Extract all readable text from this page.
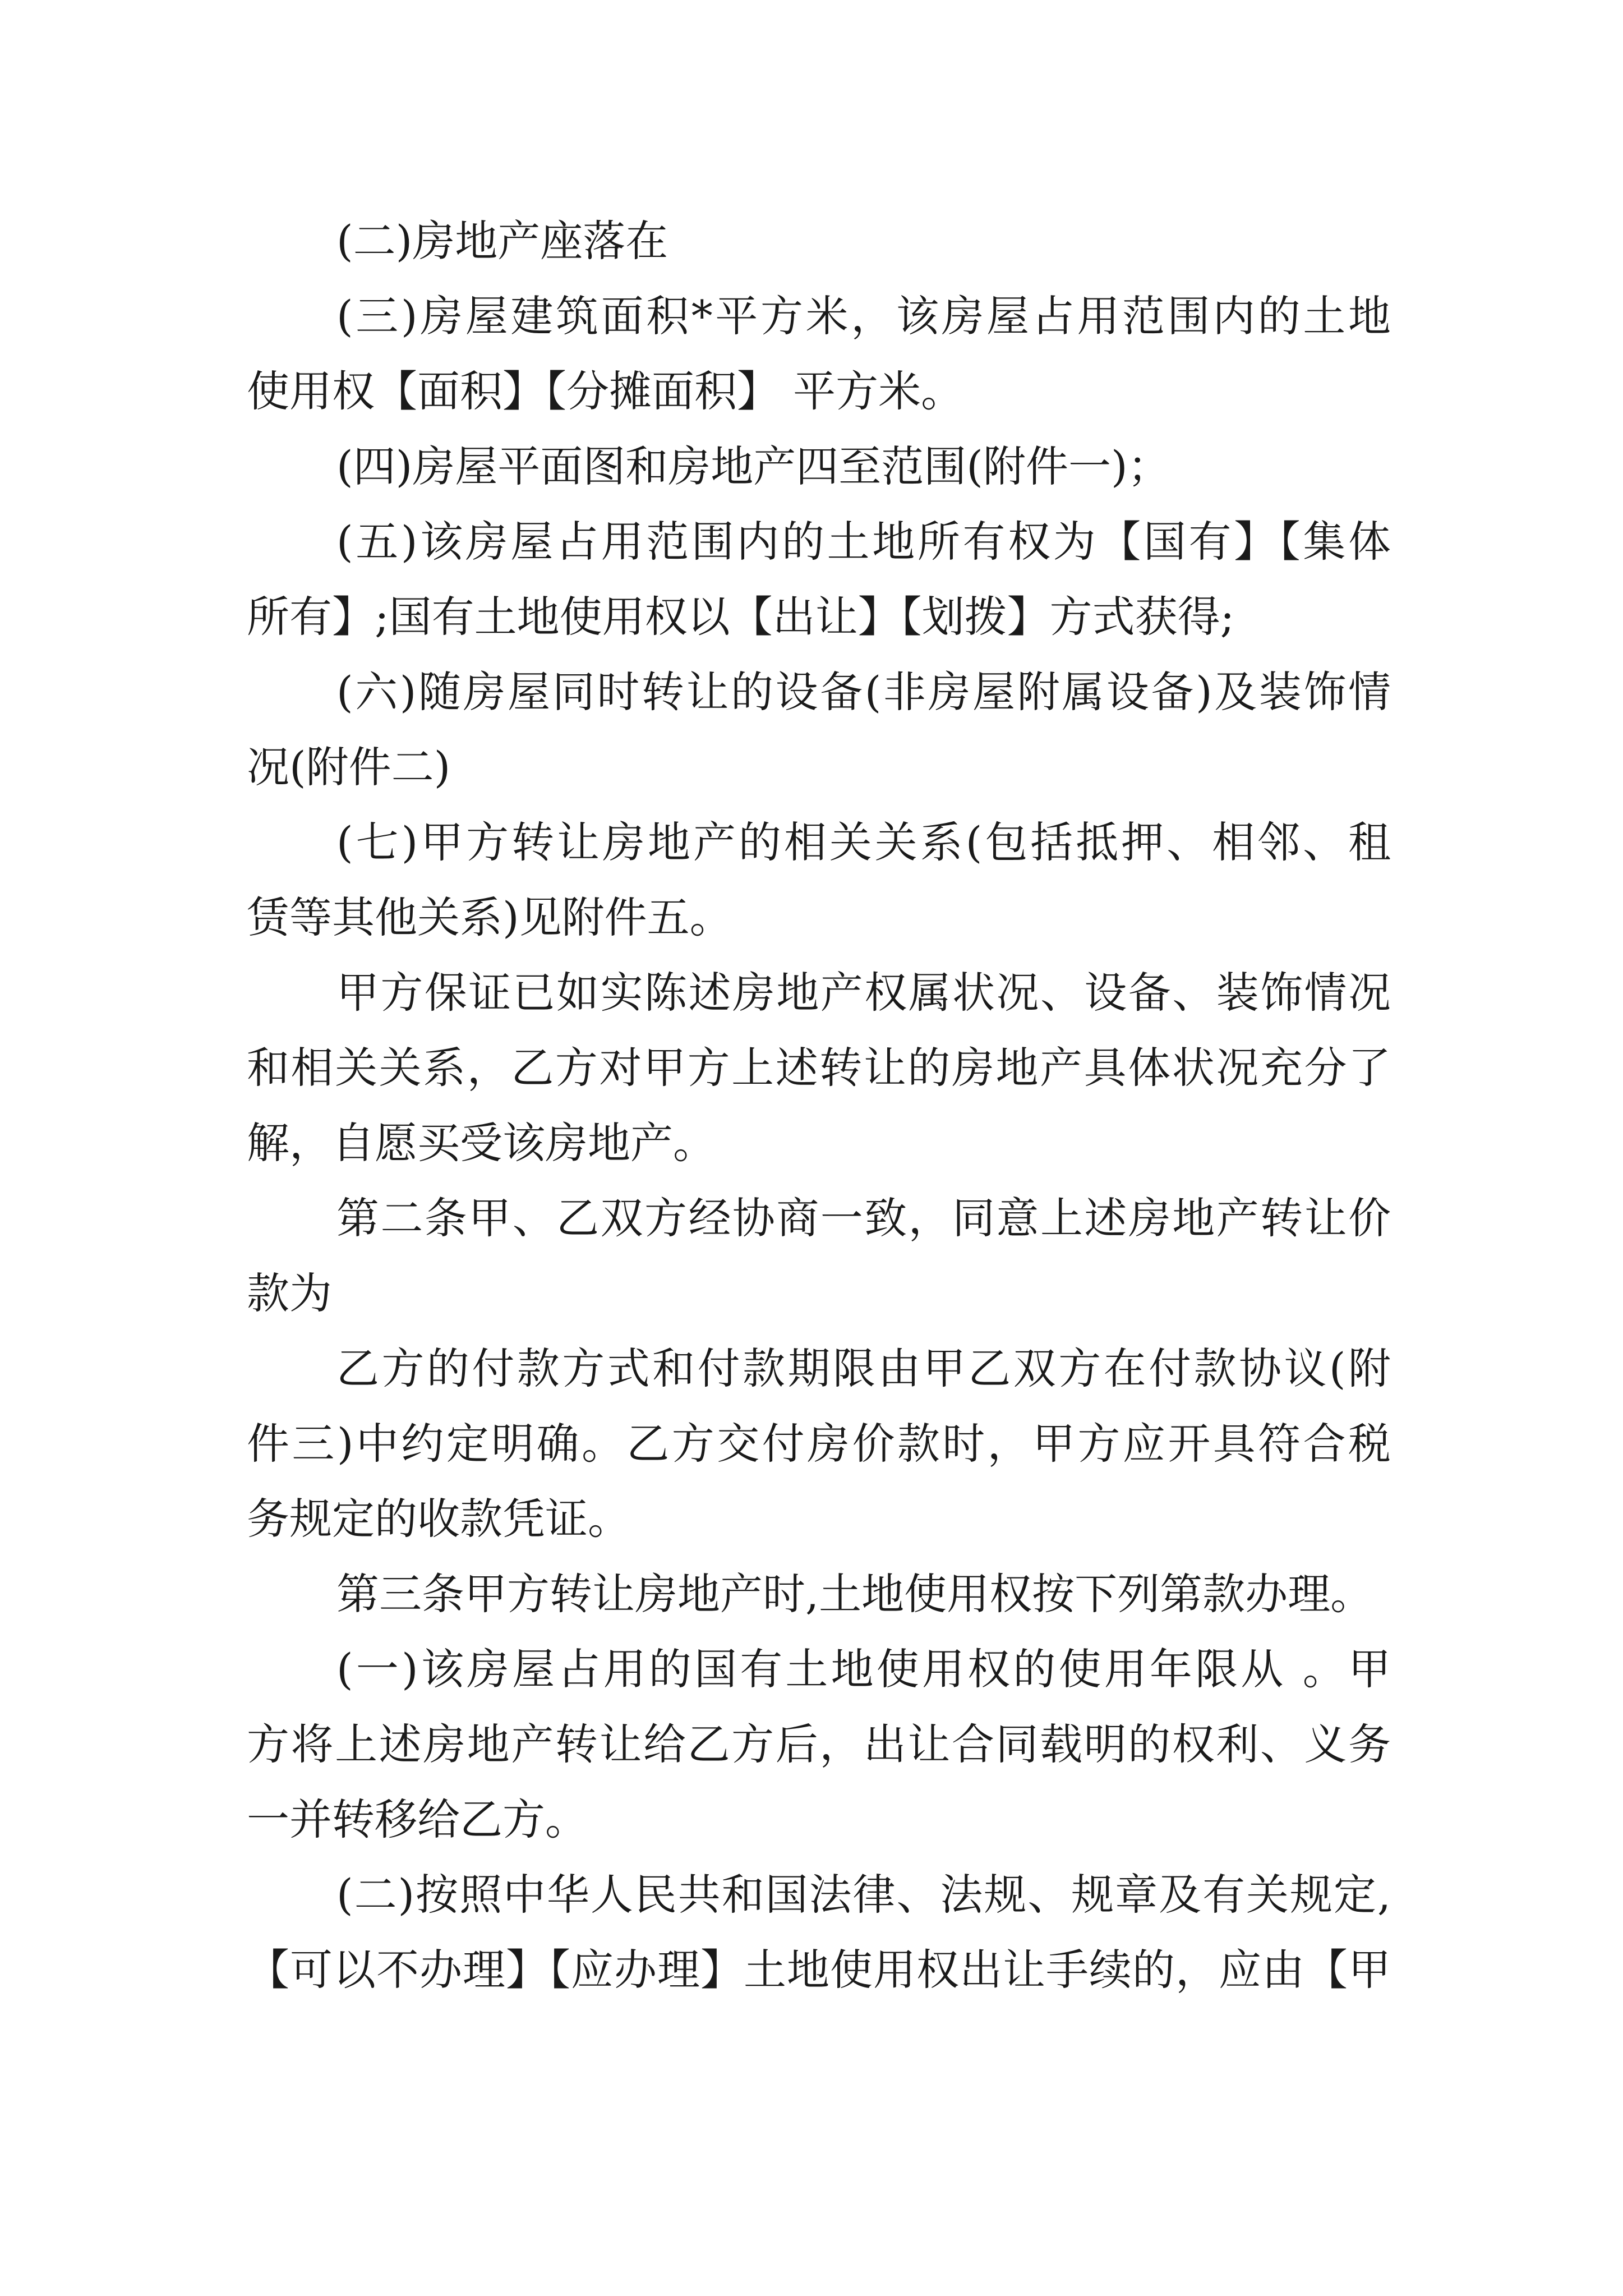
(二)房地产座落在
(三)房屋建筑面积*平方米，该房屋占用范围内的土地
使用权【面积】【分摊面积】 平方米。
(四)房屋平面图和房地产四至范围(附件一)；
(五)该房屋占用范围内的土地所有权为【国有】【集体
所有】;国有土地使用权以【出让】【划拨】方式获得;
(六)随房屋同时转让的设备(非房屋附属设备)及装饰情
况(附件二)
(七)甲方转让房地产的相关关系(包括抵押、相邻、租
赁等其他关系)见附件五。
甲方保证已如实陈述房地产权属状况、设备、装饰情况
和相关关系，乙方对甲方上述转让的房地产具体状况充分了
解，自愿买受该房地产。
第二条甲、乙双方经协商一致，同意上述房地产转让价
款为
乙方的付款方式和付款期限由甲乙双方在付款协议(附
件三)中约定明确。乙方交付房价款时，甲方应开具符合税
务规定的收款凭证。
第三条甲方转让房地产时,土地使用权按下列第款办理。
(一)该房屋占用的国有土地使用权的使用年限从 。甲
方将上述房地产转让给乙方后，出让合同载明的权利、义务
一并转移给乙方。
(二)按照中华人民共和国法律、法规、规章及有关规定,
【可以不办理】【应办理】土地使用权出让手续的，应由【甲
